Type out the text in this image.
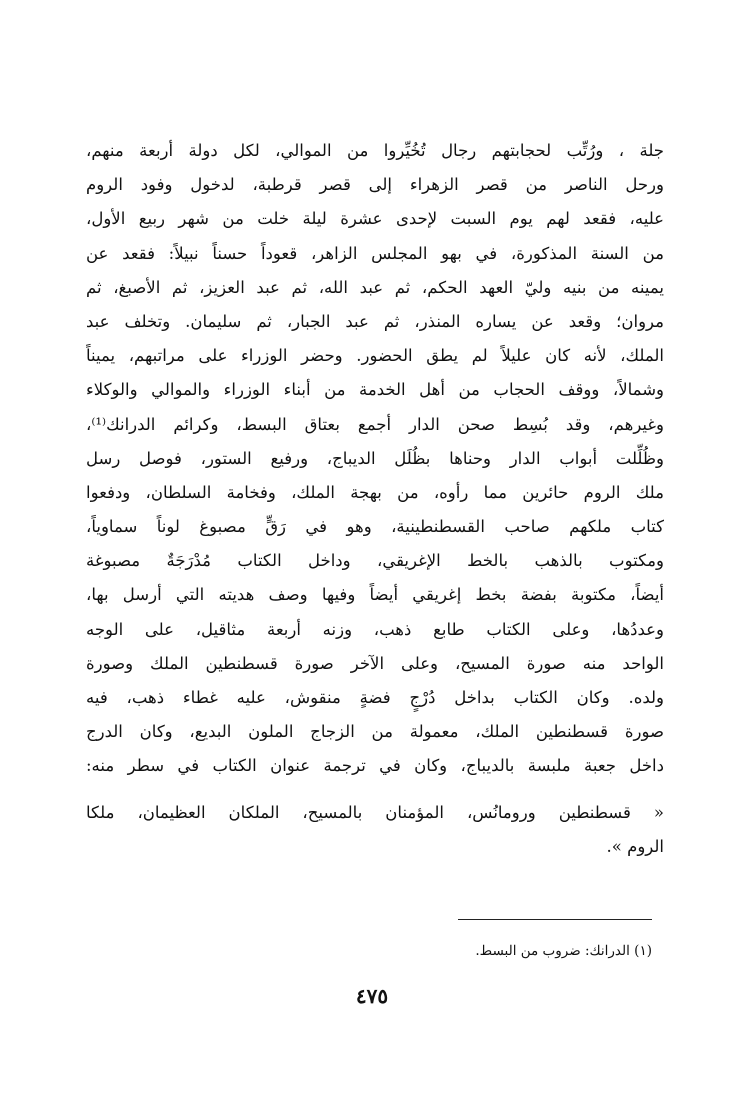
جلة ، ورُتِّب لحجابتهم رجال تُخُيِّروا من الموالي، لكل دولة أربعة منهم،
ورحل الناصر من قصر الزهراء إلى قصر قرطبة، لدخول وفود الروم
عليه، فقعد لهم يوم السبت لإحدى عشرة ليلة خلت من شهر ربيع الأول،
من السنة المذكورة، في بهو المجلس الزاهر، قعوداً حسناً نبيلاً: فقعد عن
يمينه من بنيه وليّ العهد الحكم، ثم عبد الله، ثم عبد العزيز، ثم الأصبغ، ثم
مروان؛ وقعد عن يساره المنذر، ثم عبد الجبار، ثم سليمان. وتخلف عبد
الملك، لأنه كان عليلاً لم يطق الحضور. وحضر الوزراء على مراتبهم، يميناً
وشمالاً، ووقف الحجاب من أهل الخدمة من أبناء الوزراء والموالي والوكلاء
وغيرهم، وقد بُسِط صحن الدار أجمع بعتاق البسط، وكرائم الدرانك⁽¹⁾،
وظُلِّلت أبواب الدار وحناها بظُلَل الديباج، ورفيع الستور، فوصل رسل
ملك الروم حائرين مما رأوه، من بهجة الملك، وفخامة السلطان، ودفعوا
كتاب ملكهم صاحب القسطنطينية، وهو في رَقٍّ مصبوغ لوناً سماوياً،
ومكتوب بالذهب بالخط الإغريقي، وداخل الكتاب مُدْرَجَةٌ مصبوغة
أيضاً، مكتوبة بفضة بخط إغريقي أيضاً وفيها وصف هديته التي أرسل بها،
وعددُها، وعلى الكتاب طابع ذهب، وزنه أربعة مثاقيل، على الوجه
الواحد منه صورة المسيح، وعلى الآخر صورة قسطنطين الملك وصورة
ولده. وكان الكتاب بداخل دُرْجٍ فضةٍ منقوش، عليه غطاء ذهب، فيه
صورة قسطنطين الملك، معمولة من الزجاج الملون البديع، وكان الدرج
داخل جعبة ملبسة بالديباج، وكان في ترجمة عنوان الكتاب في سطر منه:
« قسطنطين ورومانُس، المؤمنان بالمسيح، الملكان العظيمان، ملكا
الروم ».
(١) الدرانك: ضروب من البسط.
٤٧٥
